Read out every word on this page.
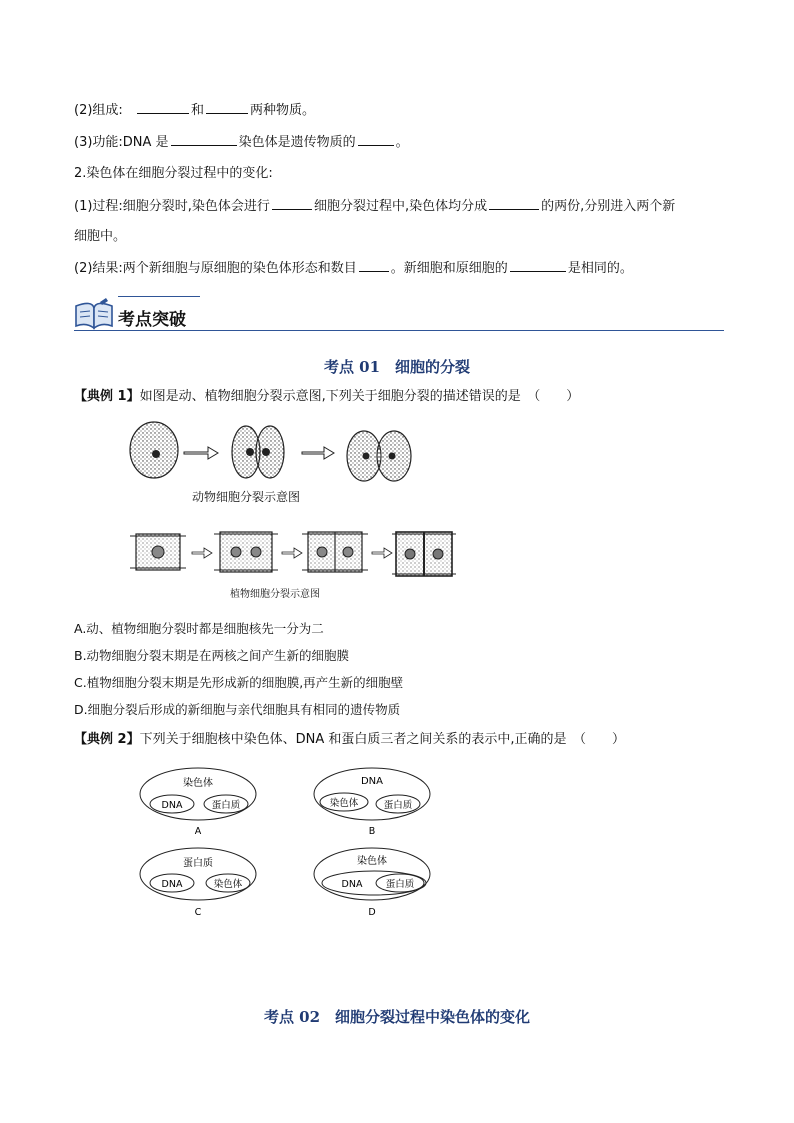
(2)组成:	和	两种物质。
(3)功能:DNA 是	染色体是遗传物质的	。
2.染色体在细胞分裂过程中的变化:
(1)过程:细胞分裂时,染色体会进行	细胞分裂过程中,染色体均分成	的两份,分别进入两个新
细胞中。
(2)结果:两个新细胞与原细胞的染色体形态和数目	。新细胞和原细胞的	是相同的。
考点突破
考点 01　细胞的分裂
【典例 1】如图是动、植物细胞分裂示意图,下列关于细胞分裂的描述错误的是　（　　）
动物细胞分裂示意图
植物细胞分裂示意图
A.动、植物细胞分裂时都是细胞核先一分为二
B.动物细胞分裂末期是在两核之间产生新的细胞膜
C.植物细胞分裂末期是先形成新的细胞膜,再产生新的细胞壁
D.细胞分裂后形成的新细胞与亲代细胞具有相同的遗传物质
【典例 2】下列关于细胞核中染色体、DNA 和蛋白质三者之间关系的表示中,正确的是　（　　）
染色体
DNA	蛋白质
A
DNA
染色体	蛋白质
B
蛋白质
DNA	染色体
C
染色体
DNA 蛋白质
D
考点 02　细胞分裂过程中染色体的变化
